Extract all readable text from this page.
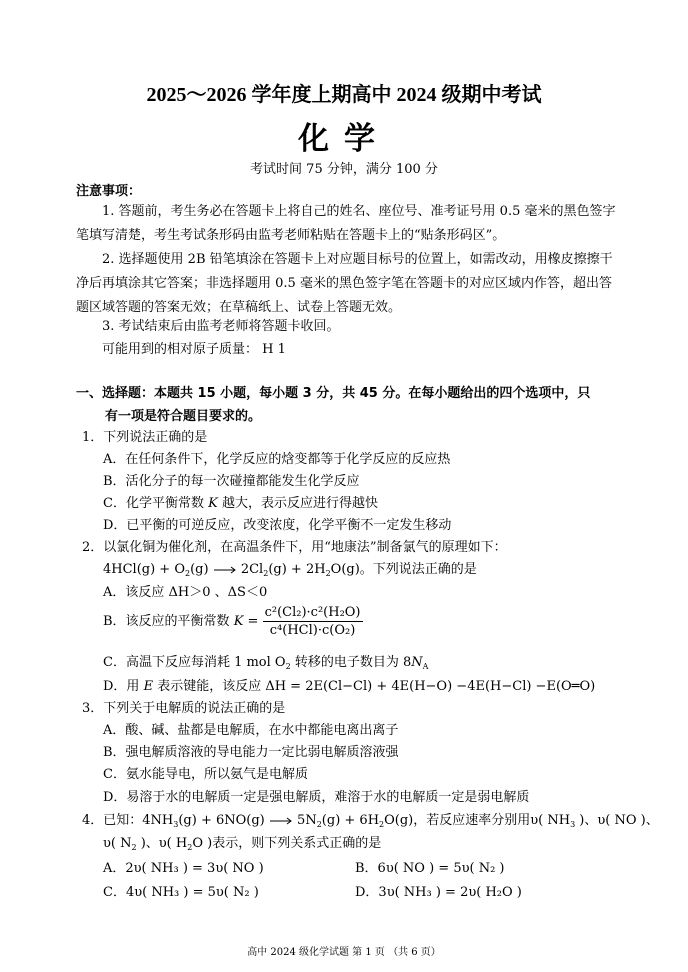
2025～2026 学年度上期高中 2024 级期中考试
化学
考试时间 75 分钟，满分 100 分
注意事项：
1. 答题前，考生务必在答题卡上将自己的姓名、座位号、准考证号用 0.5 毫米的黑色签字笔填写清楚，考生考试条形码由监考老师粘贴在答题卡上的“贴条形码区”。
2. 选择题使用 2B 铅笔填涂在答题卡上对应题目标号的位置上，如需改动，用橡皮擦擦干净后再填涂其它答案；非选择题用 0.5 毫米的黑色签字笔在答题卡的对应区域内作答，超出答题区域答题的答案无效；在草稿纸上、试卷上答题无效。
3. 考试结束后由监考老师将答题卡收回。
可能用到的相对原子质量： H 1
一、选择题：本题共 15 小题，每小题 3 分，共 45 分。在每小题给出的四个选项中，只
有一项是符合题目要求的。
1．下列说法正确的是
A．在任何条件下，化学反应的焓变都等于化学反应的反应热
B．活化分子的每一次碰撞都能发生化学反应
C．化学平衡常数 K 越大，表示反应进行得越快
D．已平衡的可逆反应，改变浓度，化学平衡不一定发生移动
2．以氯化铜为催化剂，在高温条件下，用“地康法”制备氯气的原理如下：
$4HCl(g) + O_2(g) \to 2Cl_2(g) + 2H_2O(g)$。下列说法正确的是
A．该反应 ΔH＞0 、ΔS＜0
B．该反应的平衡常数 $K = \frac{\text{c²(Cl₂)·c²(H₂O)}}{\text{c⁴(HCl)·c(O₂)}}$
C．高温下反应每消耗 1 mol $O_2$ 转移的电子数目为 $8N_A$
D．用 E 表示键能，该反应 ΔH = 2E(Cl−Cl) + 4E(H−O) −4E(H−Cl) −E(O═O)
3．下列关于电解质的说法正确的是
A．酸、碱、盐都是电解质，在水中都能电离出离子
B．强电解质溶液的导电能力一定比弱电解质溶液强
C．氨水能导电，所以氨气是电解质
D．易溶于水的电解质一定是强电解质，难溶于水的电解质一定是弱电解质
4．已知：$4NH_3(g) + 6NO(g) \to 5N_2(g) + 6H_2O(g)$，若反应速率分别用υ( $NH_3$ )、υ( NO )、
υ( $N_2$ )、υ( $H_2O$ )表示，则下列关系式正确的是
A．2υ( NH₃ ) = 3υ( NO )	B．6υ( NO ) = 5υ( N₂ )
C．4υ( NH₃ ) = 5υ( N₂ )	D．3υ( NH₃ ) = 2υ( H₂O )
高中 2024 级化学试题 第 1 页 （共 6 页）
